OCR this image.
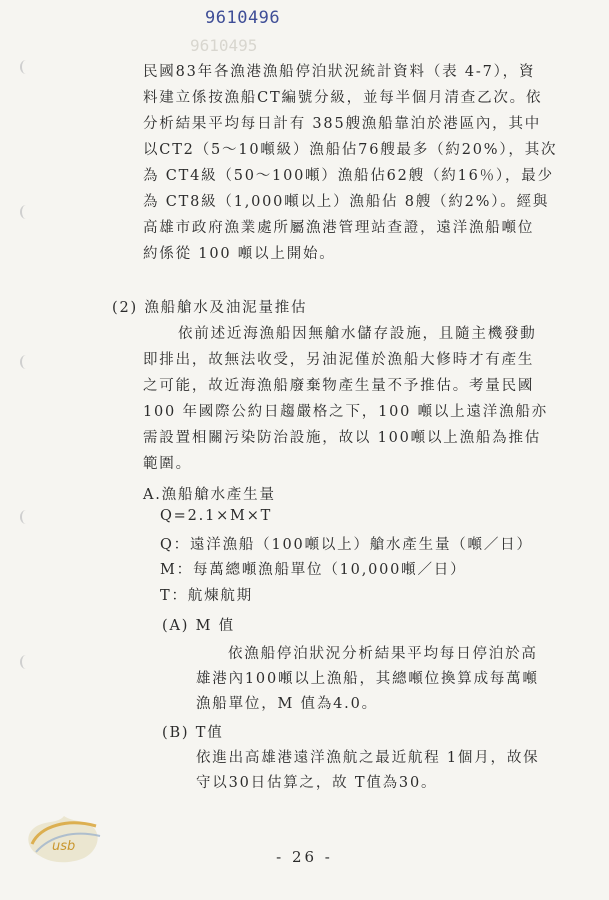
9610496
9610495
民國83年各漁港漁船停泊狀況統計資料（表 4-7），資
料建立係按漁船CT編號分級，並每半個月清查乙次。依
分析結果平均每日計有 385艘漁船靠泊於港區內，其中
以CT2（5～10噸級）漁船佔76艘最多（約20%），其次
為 CT4級（50～100噸）漁船佔62艘（約16％），最少
為 CT8級（1,000噸以上）漁船佔 8艘（約2%）。經與
高雄市政府漁業處所屬漁港管理站查證，遠洋漁船噸位
約係從 100 噸以上開始。
(2) 漁船艙水及油泥量推估
依前述近海漁船因無艙水儲存設施，且隨主機發動
即排出，故無法收受，另油泥僅於漁船大修時才有產生
之可能，故近海漁船廢棄物產生量不予推估。考量民國
100 年國際公約日趨嚴格之下，100 噸以上遠洋漁船亦
需設置相關污染防治設施，故以 100噸以上漁船為推估
範圍。
A.漁船艙水產生量
Q=2.1×M×T
Q：遠洋漁船（100噸以上）艙水產生量（噸／日）
M：每萬總噸漁船單位（10,000噸／日）
T：航煉航期
(A) M 值
依漁船停泊狀況分析結果平均每日停泊於高
雄港內100噸以上漁船，其總噸位換算成每萬噸
漁船單位，M 值為4.0。
(B) T值
依進出高雄港遠洋漁航之最近航程 1個月，故保
守以30日估算之，故 T值為30。
usb
- 26 -
